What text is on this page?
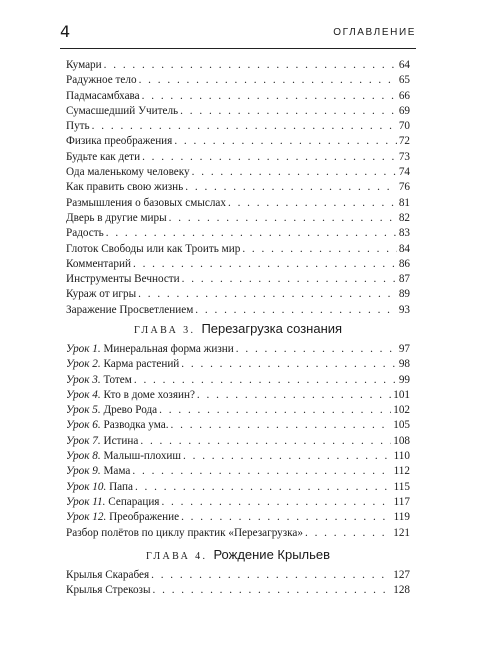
4	ОГЛАВЛЕНИЕ
Кумари . . .	64
Радужное тело . . .	65
Падмасамбхава . . .	66
Сумасшедший Учитель . . .	69
Путь . . .	70
Физика преображения . . .	72
Будьте как дети . . .	73
Ода маленькому человеку . . .	74
Как править свою жизнь . . .	76
Размышления о базовых смыслах . . .	81
Дверь в другие миры . . .	82
Радость . . .	83
Глоток Свободы или как Троить мир . . .	84
Комментарий . . .	86
Инструменты Вечности . . .	87
Кураж от игры . . .	89
Заражение Просветлением . . .	93
ГЛАВА 3. Перезагрузка сознания
Урок 1. Минеральная форма жизни . . .	97
Урок 2. Карма растений . . .	98
Урок 3. Тотем . . .	99
Урок 4. Кто в доме хозяин? . . .	101
Урок 5. Древо Рода . . .	102
Урок 6. Разводка ума. . . .	105
Урок 7. Истина . . .	108
Урок 8. Малыш-плохиш . . .	110
Урок 9. Мама . . .	112
Урок 10. Папа . . .	115
Урок 11. Сепарация . . .	117
Урок 12. Преображение . . .	119
Разбор полётов по циклу практик «Перезагрузка» . . .	121
ГЛАВА 4. Рождение Крыльев
Крылья Скарабея . . .	127
Крылья Стрекозы . . .	128
